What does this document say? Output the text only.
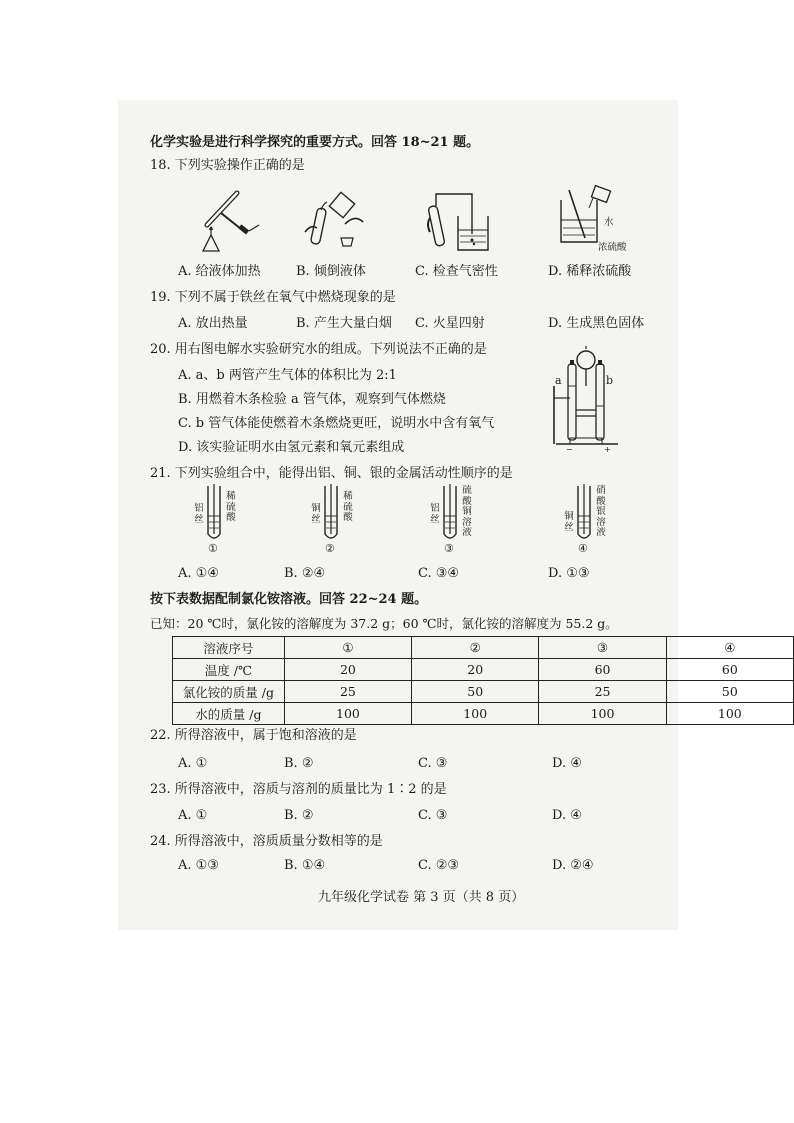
化学实验是进行科学探究的重要方式。回答 18~21 题。
18. 下列实验操作正确的是
水
浓硫酸
A. 给液体加热	B. 倾倒液体	C. 检查气密性	D. 稀释浓硫酸
19. 下列不属于铁丝在氧气中燃烧现象的是
A. 放出热量	B. 产生大量白烟 C. 火星四射	D. 生成黑色固体
20. 用右图电解水实验研究水的组成。下列说法不正确的是
A. a、b 两管产生气体的体积比为 2:1
B. 用燃着木条检验 a 管气体，观察到气体燃烧
C. b 管气体能使燃着木条燃烧更旺，说明水中含有氧气
D. 该实验证明水由氢元素和氧元素组成	−	+
a	b
21. 下列实验组合中，能得出铝、铜、银的金属活动性顺序的是
铝丝
稀硫酸
①
铜丝
稀硫酸
②
铝丝
硫酸铜溶液
③
铜丝
硝酸银溶液
④
A. ①④	B. ②④	C. ③④	D. ①③
按下表数据配制氯化铵溶液。回答 22~24 题。
已知：20 ℃时，氯化铵的溶解度为 37.2 g；60 ℃时，氯化铵的溶解度为 55.2 g。
溶液序号	①	②	③	④
温度 /℃	20	20	60	60
氯化铵的质量 /g	25	50	25	50
水的质量 /g	100	100	100	100
22. 所得溶液中，属于饱和溶液的是
A. ①	B. ②	C. ③	D. ④
23. 所得溶液中，溶质与溶剂的质量比为 1∶2 的是
A. ①	B. ②	C. ③	D. ④
24. 所得溶液中，溶质质量分数相等的是
A. ①③	B. ①④	C. ②③	D. ②④
九年级化学试卷 第 3 页（共 8 页）
